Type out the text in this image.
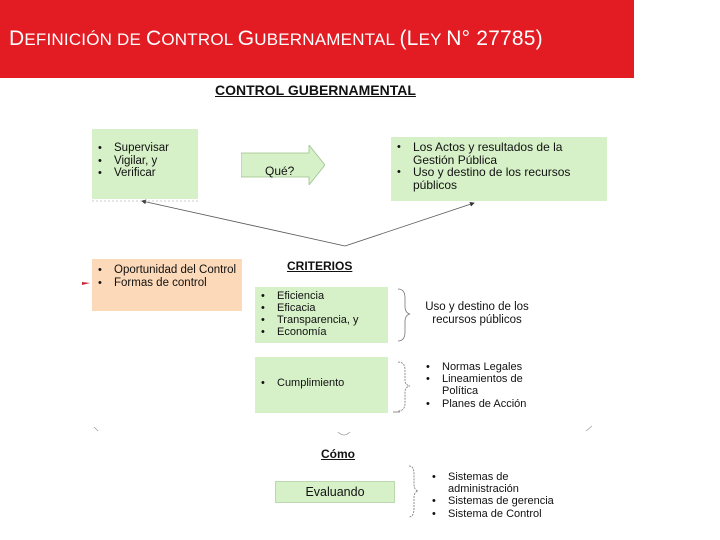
DEFINICIÓN DE CONTROL GUBERNAMENTAL (LEY N° 27785)
CONTROL GUBERNAMENTAL
• Supervisar
• Vigilar, y
• Verificar	Qué?
• Los Actos y resultados de la Gestión Pública
• Uso y destino de los recursos públicos
• Oportunidad del Control
• Formas de control
CRITERIOS
• Eficiencia
• Eficacia
• Transparencia, y
• Economía
Uso y destino de los recursos públicos
• Cumplimiento
• Normas Legales
• Lineamientos de Política
• Planes de Acción
Cómo
Evaluando
• Sistemas de administración
• Sistemas de gerencia
• Sistema de Control
